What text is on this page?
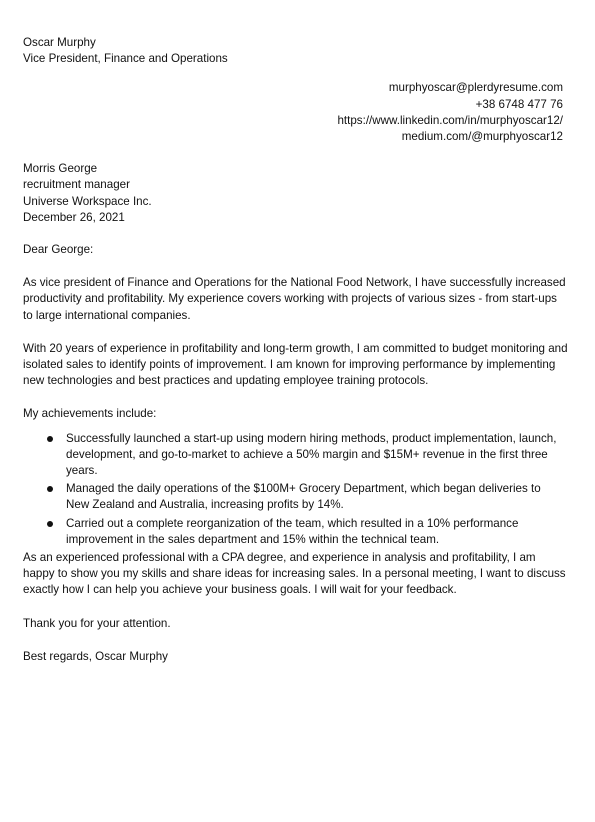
Oscar Murphy
Vice President, Finance and Operations
murphyoscar@plerdyresume.com
+38 6748 477 76
https://www.linkedin.com/in/murphyoscar12/
medium.com/@murphyoscar12
Morris George
recruitment manager
Universe Workspace Inc.
December 26, 2021
Dear George:

As vice president of Finance and Operations for the National Food Network, I have successfully increased productivity and profitability. My experience covers working with projects of various sizes - from start-ups to large international companies.

With 20 years of experience in profitability and long-term growth, I am committed to budget monitoring and isolated sales to identify points of improvement. I am known for improving performance by implementing new technologies and best practices and updating employee training protocols.

My achievements include:

Successfully launched a start-up using modern hiring methods, product implementation, launch, development, and go-to-market to achieve a 50% margin and $15M+ revenue in the first three years.
Managed the daily operations of the $100M+ Grocery Department, which began deliveries to New Zealand and Australia, increasing profits by 14%.
Carried out a complete reorganization of the team, which resulted in a 10% performance improvement in the sales department and 15% within the technical team.

As an experienced professional with a CPA degree, and experience in analysis and profitability, I am happy to show you my skills and share ideas for increasing sales. In a personal meeting, I want to discuss exactly how I can help you achieve your business goals. I will wait for your feedback.

Thank you for your attention.

Best regards, Oscar Murphy
